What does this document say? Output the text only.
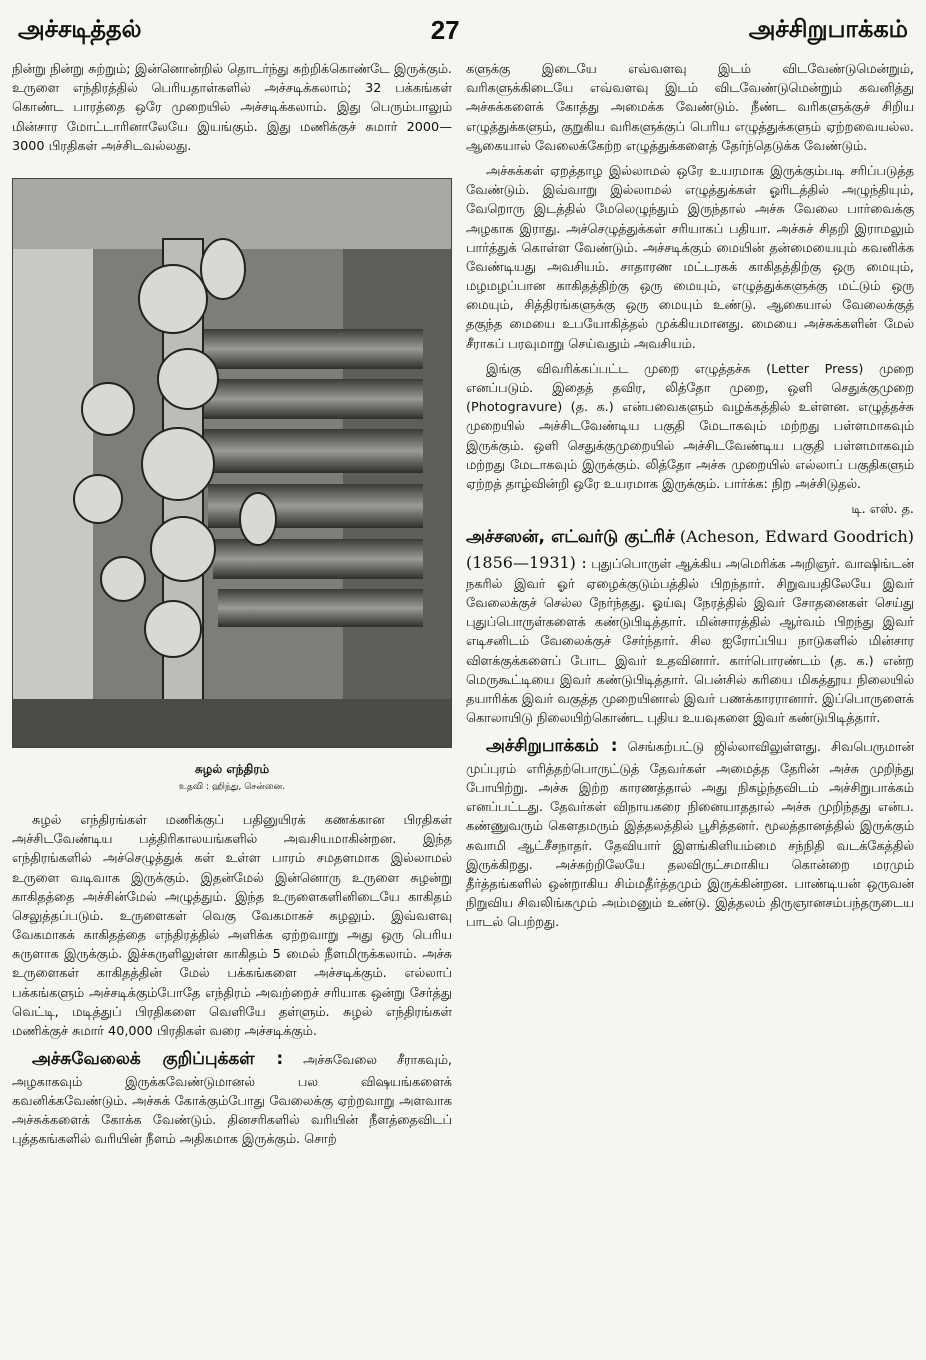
அச்சடித்தல்	27	அச்சிறுபாக்கம்

நின்று நின்று சுற்றும்; இன்னொன்றில் தொடர்ந்து சுற்றிக்கொண்டே இருக்கும். உருளை எந்திரத்தில் பெரியதாள்களில் அச்சடிக்கலாம்; 32 பக்கங்கள் கொண்ட பாரத்தை ஒரே முறையில் அச்சடிக்கலாம். இது பெரும்பாலும் மின்சார மோட்டாரினாலேயே இயங்கும். இது மணிக்குச் சுமார் 2000—3000 பிரதிகள் அச்சிடவல்லது.

சுழல் எந்திரம்
உதவி : ஹிந்து, சென்னை.

சுழல் எந்திரங்கள் மணிக்குப் பதினுயிரக் கணக்கான பிரதிகள் அச்சிடவேண்டிய பத்திரிகாலயங்களில் அவசியமாகின்றன. இந்த எந்திரங்களில் அச்செழுத்துக் கள் உள்ள பாரம் சமதளமாக இல்லாமல் உருளை வடிவாக இருக்கும். இதன்மேல் இன்னொரு உருளை சுழன்று காகிதத்தை அச்சின்மேல் அழுத்தும். இந்த உருளைகளினிடையே காகிதம் செலுத்தப்படும். உருளைகள் வெகு வேகமாகச் சுழலும். இவ்வளவு வேகமாகக் காகிதத்தை எந்திரத்தில் அளிக்க ஏற்றவாறு அது ஒரு பெரிய சுருளாக இருக்கும். இச்சுருளிலுள்ள காகிதம் 5 மைல் நீளமிருக்கலாம். அச்சு உருளைகள் காகிதத்தின் மேல் பக்கங்களை அச்சடிக்கும். எல்லாப் பக்கங்களும் அச்சடிக்கும்போதே எந்திரம் அவற்றைச் சரியாக ஒன்று சேர்த்து வெட்டி, மடித்துப் பிரதிகளை வெளியே தள்ளும். சுழல் எந்திரங்கள் மணிக்குச் சுமார் 40,000 பிரதிகள் வரை அச்சடிக்கும்.

அச்சுவேலைக் குறிப்புக்கள் : அச்சுவேலை சீராகவும், அழகாகவும் இருக்கவேண்டுமானல் பல விஷயங்களைக் கவனிக்கவேண்டும். அச்சுக் கோக்கும்போது வேலைக்கு ஏற்றவாறு அளவாக அச்சுக்களைக் கோக்க வேண்டும். தினசரிகளில் வரியின் நீளத்தைவிடப் புத்தகங்களில் வரியின் நீளம் அதிகமாக இருக்கும். சொற்

களுக்கு இடையே எவ்வளவு இடம் விடவேண்டுமென்றும், வரிகளுக்கிடையே எவ்வளவு இடம் விடவேண்டுமென்றும் கவனித்து அச்சுக்களைக் கோத்து அமைக்க வேண்டும். நீண்ட வரிகளுக்குச் சிறிய எழுத்துக்களும், குறுகிய வரிகளுக்குப் பெரிய எழுத்துக்களும் ஏற்றவையல்ல. ஆகையால் வேலைக்கேற்ற எழுத்துக்களைத் தேர்ந்தெடுக்க வேண்டும்.

அச்சுக்கள் ஏறத்தாழ இல்லாமல் ஒரே உயரமாக இருக்கும்படி சரிப்படுத்த வேண்டும். இவ்வாறு இல்லாமல் எழுத்துக்கள் ஓரிடத்தில் அழுந்தியும், வேறொரு இடத்தில் மேலெழுந்தும் இருந்தால் அச்சு வேலை பார்வைக்கு அழகாக இராது. அச்செழுத்துக்கள் சரியாகப் பதியா. அச்சுச் சிதறி இராமலும் பார்த்துக் கொள்ள வேண்டும். அச்சடிக்கும் மையின் தன்மையையும் கவனிக்க வேண்டியது அவசியம். சாதாரண மட்டரகக் காகிதத்திற்கு ஒரு மையும், மழமழப்பான காகிதத்திற்கு ஒரு மையும், எழுத்துக்களுக்கு மட்டும் ஒரு மையும், சித்திரங்களுக்கு ஒரு மையும் உண்டு. ஆகையால் வேலைக்குத் தகுந்த மையை உபயோகித்தல் முக்கியமானது. மையை அச்சுக்களின் மேல் சீராகப் பரவுமாறு செய்வதும் அவசியம்.

இங்கு விவரிக்கப்பட்ட முறை எழுத்தச்சு (Letter Press) முறை எனப்படும். இதைத் தவிர, லித்தோ முறை, ஒளி செதுக்குமுறை (Photogravure) (த. க.) என்பவைகளும் வழக்கத்தில் உள்ளன. எழுத்தச்சு முறையில் அச்சிடவேண்டிய பகுதி மேடாகவும் மற்றது பள்ளமாகவும் இருக்கும். ஒளி செதுக்குமுறையில் அச்சிடவேண்டிய பகுதி பள்ளமாகவும் மற்றது மேடாகவும் இருக்கும். லித்தோ அச்சு முறையில் எல்லாப் பகுதிகளும் ஏற்றத் தாழ்வின்றி ஒரே உயரமாக இருக்கும். பார்க்க: நிற அச்சிடுதல்.

டி. எஸ். த.

அச்சஸன், எட்வர்டு குட்ரிச் (Acheson, Edward Goodrich) (1856—1931) : புதுப்பொருள் ஆக்கிய அமெரிக்க அறிஞர். வாஷிங்டன் நகரில் இவர் ஓர் ஏழைக்குடும்பத்தில் பிறந்தார். சிறுவயதிலேயே இவர் வேலைக்குச் செல்ல நேர்ந்தது. ஓய்வு நேரத்தில் இவர் சோதனைகள் செய்து புதுப்பொருள்களைக் கண்டுபிடித்தார். மின்சாரத்தில் ஆர்வம் பிறந்து இவர் எடிசனிடம் வேலைக்குச் சேர்ந்தார். சில ஐரோப்பிய நாடுகளில் மின்சார விளக்குக்களைப் போட இவர் உதவினார். கார்பொரண்டம் (த. க.) என்ற மெருகூட்டியை இவர் கண்டுபிடித்தார். பென்சில் கரியை மிகத்தூய நிலையில் தயாரிக்க இவர் வகுத்த முறையினால் இவர் பணக்காரரானார். இப்பொருளைக் கொலாயிடு நிலையிற்கொண்ட புதிய உயவுகளை இவர் கண்டுபிடித்தார்.

அச்சிறுபாக்கம் : செங்கற்பட்டு ஜில்லாவிலுள்ளது. சிவபெருமான் முப்புரம் எரித்தற்பொருட்டுத் தேவர்கள் அமைத்த தேரின் அச்சு முறிந்து போயிற்று. அச்சு இற்ற காரணத்தால் அது நிகழ்ந்தவிடம் அச்சிறுபாக்கம் எனப்பட்டது. தேவர்கள் விநாயகரை நினையாததால் அச்சு முறிந்தது என்ப. கண்ணுவரும் கௌதமரும் இத்தலத்தில் பூசித்தனர். மூலத்தானத்தில் இருக்கும் சுவாமி ஆட்சீசநாதர். தேவியார் இளங்கிளியம்மை சந்நிதி வடக்கேத்தில் இருக்கிறது. அச்சுற்றிலேயே தலவிருட்சமாகிய கொன்றை மரமும் தீர்த்தங்களில் ஒன்றாகிய சிம்மதீர்த்தமும் இருக்கின்றன. பாண்டியன் ஒருவன் நிறுவிய சிவலிங்கமும் அம்மனும் உண்டு. இத்தலம் திருஞானசம்பந்தருடைய பாடல் பெற்றது.
